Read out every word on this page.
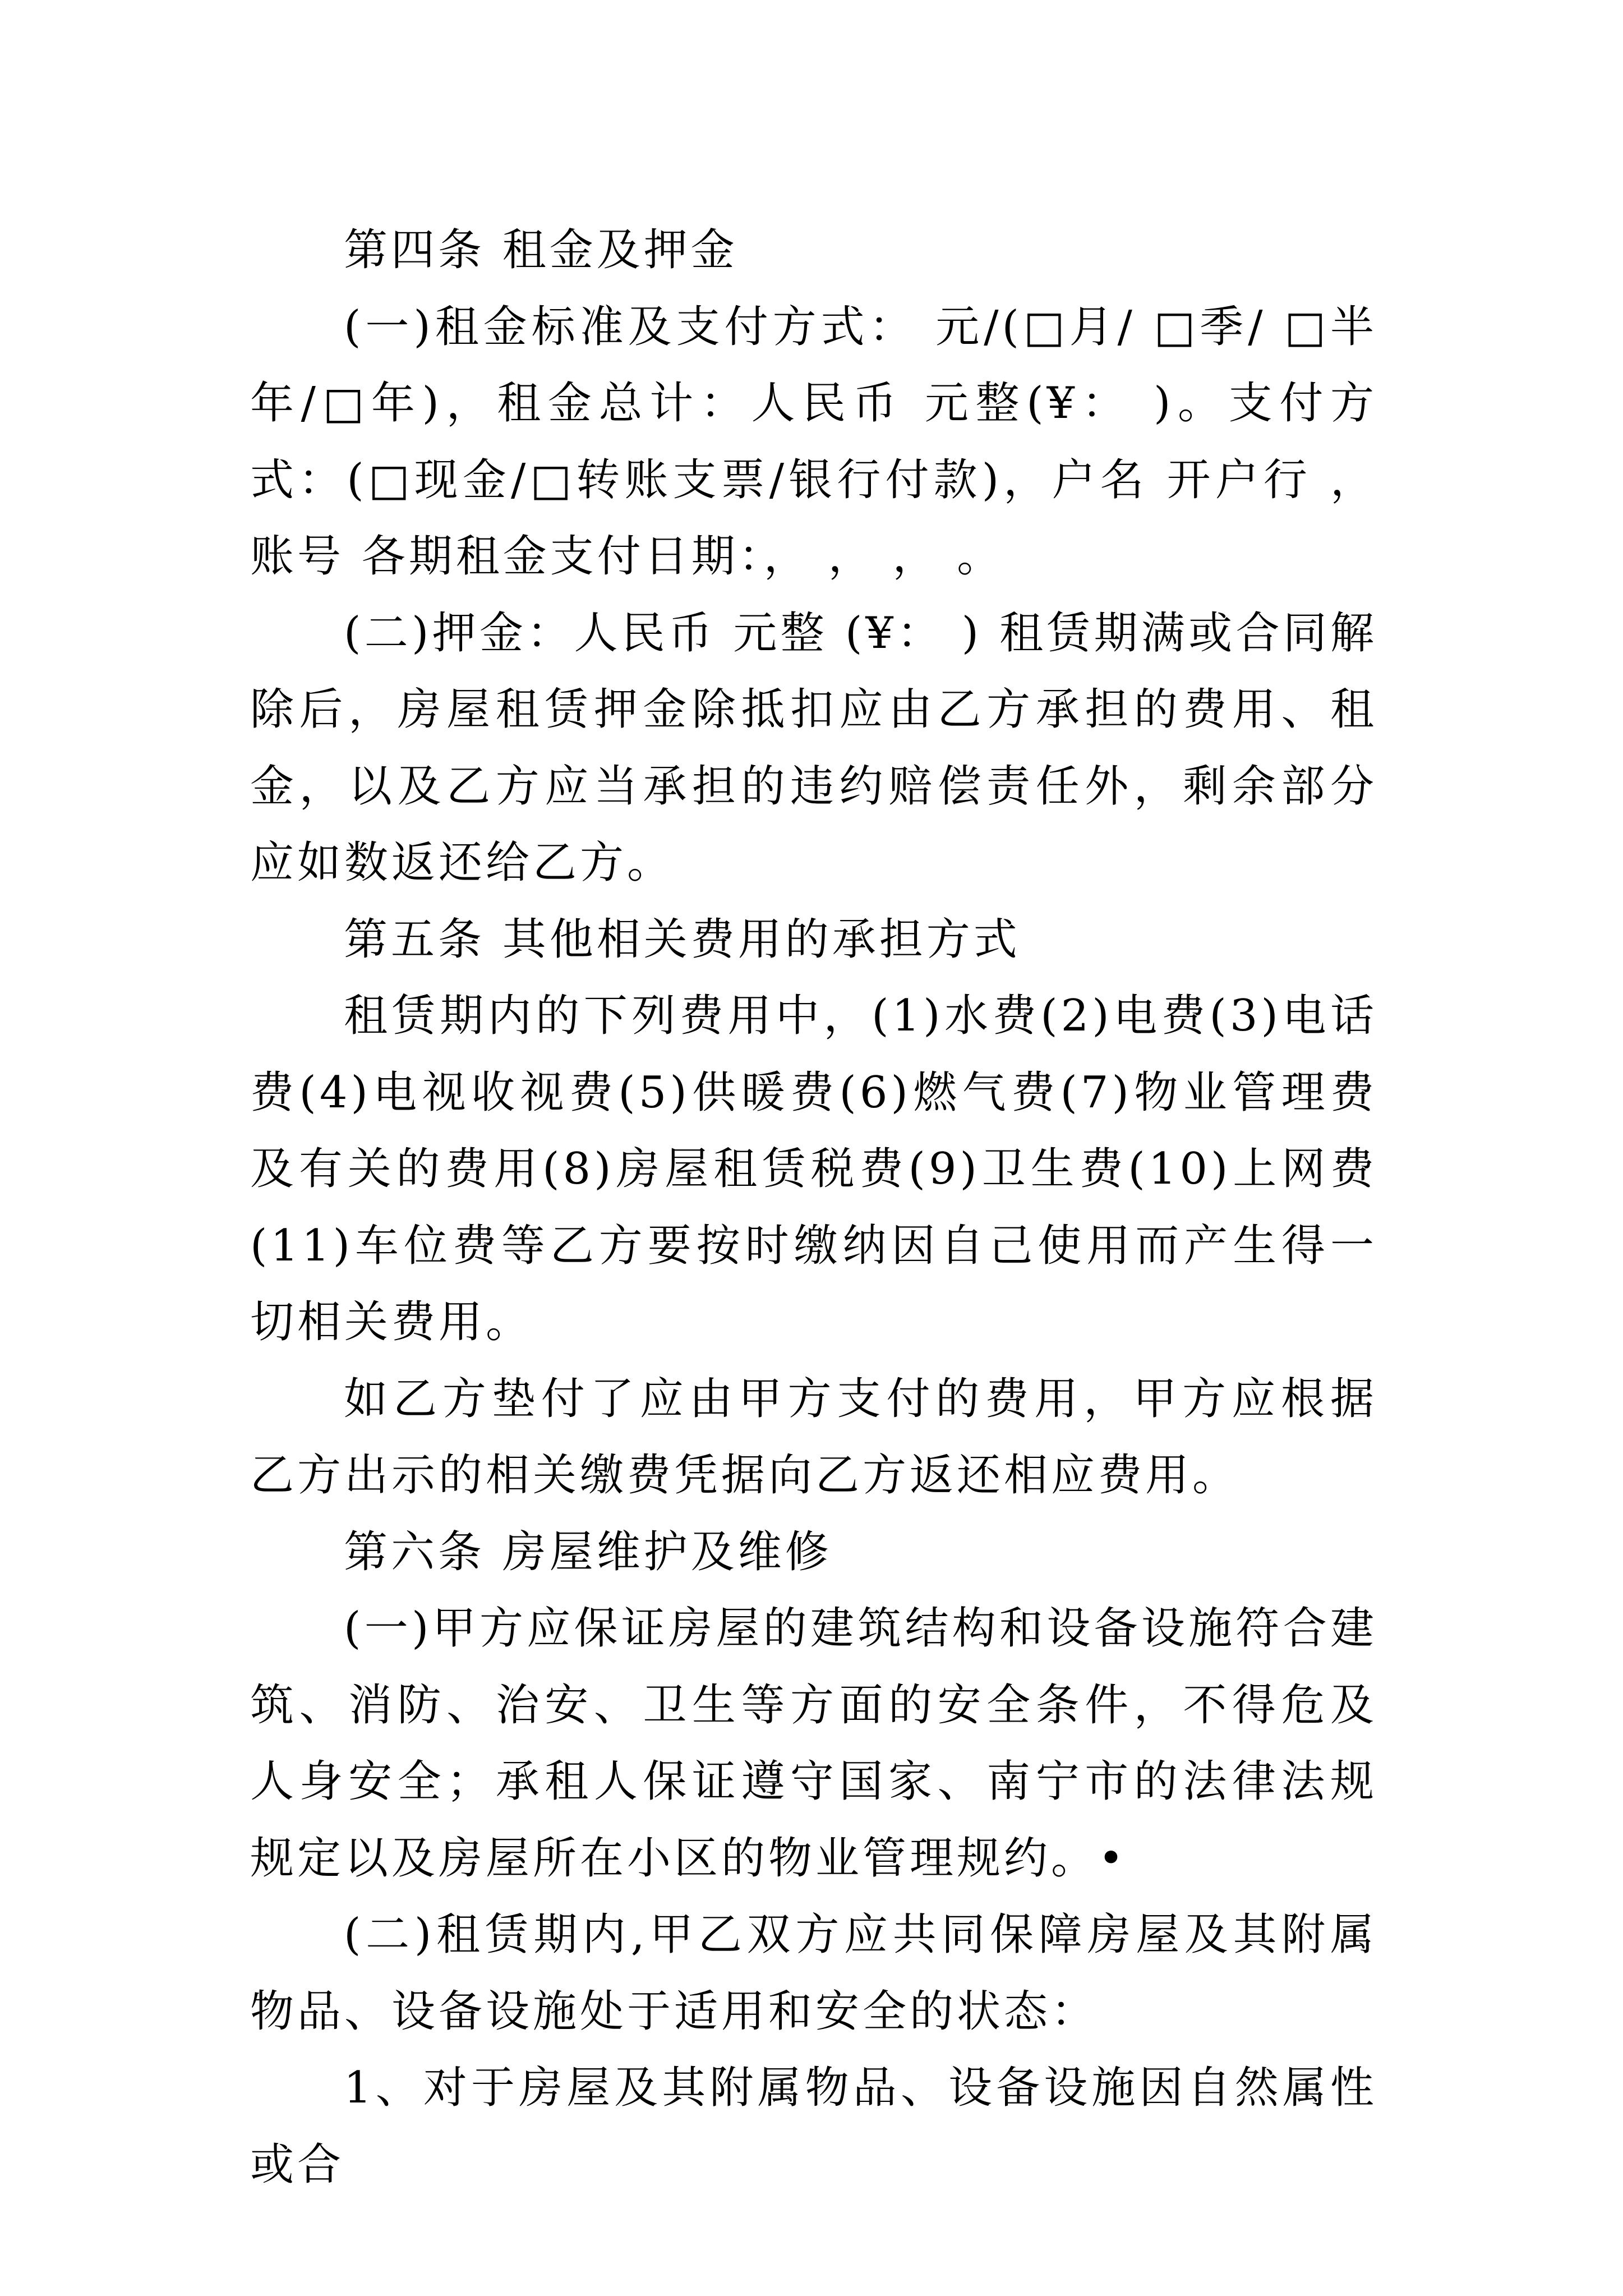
第四条 租金及押金

(一)租金标准及支付方式： 元/(□月/ □季/ □半年/□年)，租金总计：人民币 元整(¥： )。支付方式：(□现金/□转账支票/银行付款)，户名 开户行 ，账号 各期租金支付日期：， ， ， 。

(二)押金：人民币 元整 (¥： ) 租赁期满或合同解除后，房屋租赁押金除抵扣应由乙方承担的费用、租金，以及乙方应当承担的违约赔偿责任外，剩余部分应如数返还给乙方。

第五条 其他相关费用的承担方式

租赁期内的下列费用中，(1)水费(2)电费(3)电话费(4)电视收视费(5)供暖费(6)燃气费(7)物业管理费及有关的费用(8)房屋租赁税费(9)卫生费(10)上网费(11)车位费等乙方要按时缴纳因自己使用而产生得一切相关费用。

如乙方垫付了应由甲方支付的费用，甲方应根据乙方出示的相关缴费凭据向乙方返还相应费用。

第六条 房屋维护及维修

(一)甲方应保证房屋的建筑结构和设备设施符合建筑、消防、治安、卫生等方面的安全条件，不得危及人身安全；承租人保证遵守国家、南宁市的法律法规规定以及房屋所在小区的物业管理规约。•

(二)租赁期内,甲乙双方应共同保障房屋及其附属物品、设备设施处于适用和安全的状态：

1、对于房屋及其附属物品、设备设施因自然属性或合
